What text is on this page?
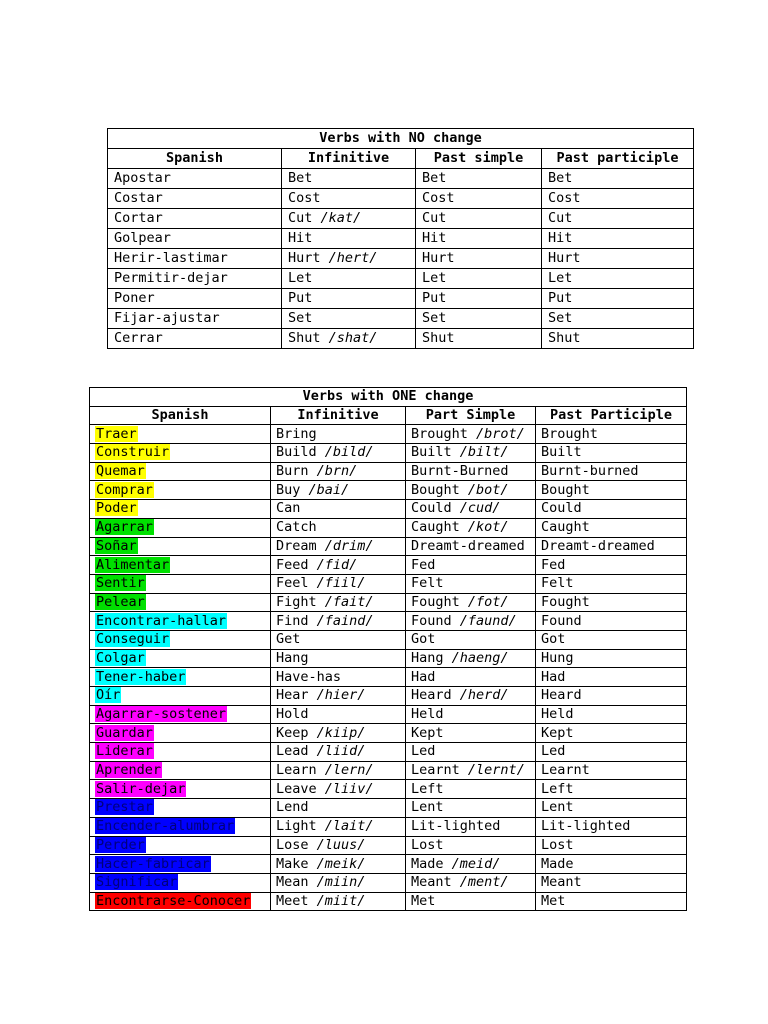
Verbs with NO change			
Spanish	Infinitive	Past simple	Past participle
Apostar	Bet	Bet	Bet
Costar	Cost	Cost	Cost
Cortar	Cut /kat/	Cut	Cut
Golpear	Hit	Hit	Hit
Herir-lastimar	Hurt /hert/	Hurt	Hurt
Permitir-dejar	Let	Let	Let
Poner	Put	Put	Put
Fijar-ajustar	Set	Set	Set
Cerrar	Shut /shat/	Shut	Shut
Verbs with ONE change			
Spanish	Infinitive	Part Simple	Past Participle
Traer	Bring	Brought /brot/	Brought
Construir	Build /bild/	Built /bilt/	Built
Quemar	Burn /brn/	Burnt-Burned	Burnt-burned
Comprar	Buy /bai/	Bought /bot/	Bought
Poder	Can	Could /cud/	Could
Agarrar	Catch	Caught /kot/	Caught
Soñar	Dream /drim/	Dreamt-dreamed	Dreamt-dreamed
Alimentar	Feed /fid/	Fed	Fed
Sentir	Feel /fiil/	Felt	Felt
Pelear	Fight /fait/	Fought /fot/	Fought
Encontrar-hallar	Find /faind/	Found /faund/	Found
Conseguir	Get	Got	Got
Colgar	Hang	Hang /haeng/	Hung
Tener-haber	Have-has	Had	Had
Oír	Hear /hier/	Heard /herd/	Heard
Agarrar-sostener	Hold	Held	Held
Guardar	Keep /kiip/	Kept	Kept
Liderar	Lead /liid/	Led	Led
Aprender	Learn /lern/	Learnt /lernt/	Learnt
Salir-dejar	Leave /liiv/	Left	Left
Prestar	Lend	Lent	Lent
Encender-alumbrar	Light /lait/	Lit-lighted	Lit-lighted
Perder	Lose /luus/	Lost	Lost
Hacer-fabricar	Make /meik/	Made /meid/	Made
Significar	Mean /miin/	Meant /ment/	Meant
Encontrarse-Conocer	Meet /miit/	Met	Met
